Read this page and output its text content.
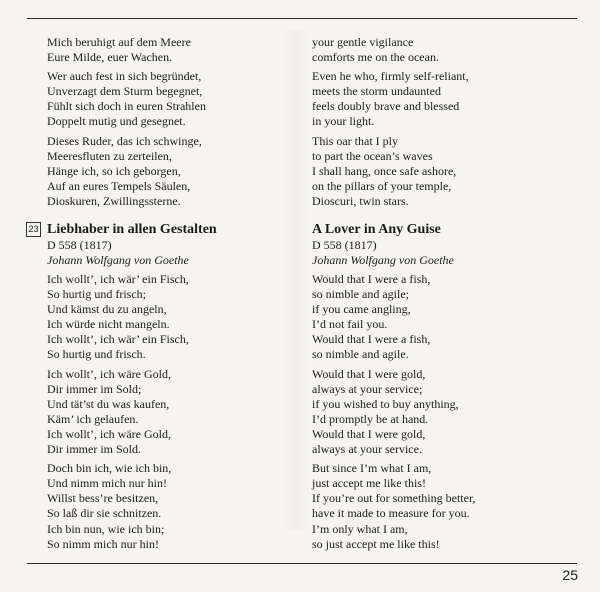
Mich beruhigt auf dem Meere
Eure Milde, euer Wachen.
Wer auch fest in sich begründet,
Unverzagt dem Sturm begegnet,
Fühlt sich doch in euren Strahlen
Doppelt mutig und gesegnet.
Dieses Ruder, das ich schwinge,
Meeresfluten zu zerteilen,
Hänge ich, so ich geborgen,
Auf an eures Tempels Säulen,
Dioskuren, Zwillingssterne.
your gentle vigilance
comforts me on the ocean.
Even he who, firmly self-reliant,
meets the storm undaunted
feels doubly brave and blessed
in your light.
This oar that I ply
to part the ocean’s waves
I shall hang, once safe ashore,
on the pillars of your temple,
Dioscuri, twin stars.
23 Liebhaber in allen Gestalten
D 558 (1817)
Johann Wolfgang von Goethe
Ich wollt’, ich wär’ ein Fisch,
So hurtig und frisch;
Und kämst du zu angeln,
Ich würde nicht mangeln.
Ich wollt’, ich wär’ ein Fisch,
So hurtig und frisch.
Ich wollt’, ich wäre Gold,
Dir immer im Sold;
Und tät’st du was kaufen,
Käm’ ich gelaufen.
Ich wollt’, ich wäre Gold,
Dir immer im Sold.
Doch bin ich, wie ich bin,
Und nimm mich nur hin!
Willst bess’re besitzen,
So laß dir sie schnitzen.
Ich bin nun, wie ich bin;
So nimm mich nur hin!
A Lover in Any Guise
D 558 (1817)
Johann Wolfgang von Goethe
Would that I were a fish,
so nimble and agile;
if you came angling,
I’d not fail you.
Would that I were a fish,
so nimble and agile.
Would that I were gold,
always at your service;
if you wished to buy anything,
I’d promptly be at hand.
Would that I were gold,
always at your service.
But since I’m what I am,
just accept me like this!
If you’re out for something better,
have it made to measure for you.
I’m only what I am,
so just accept me like this!
25
